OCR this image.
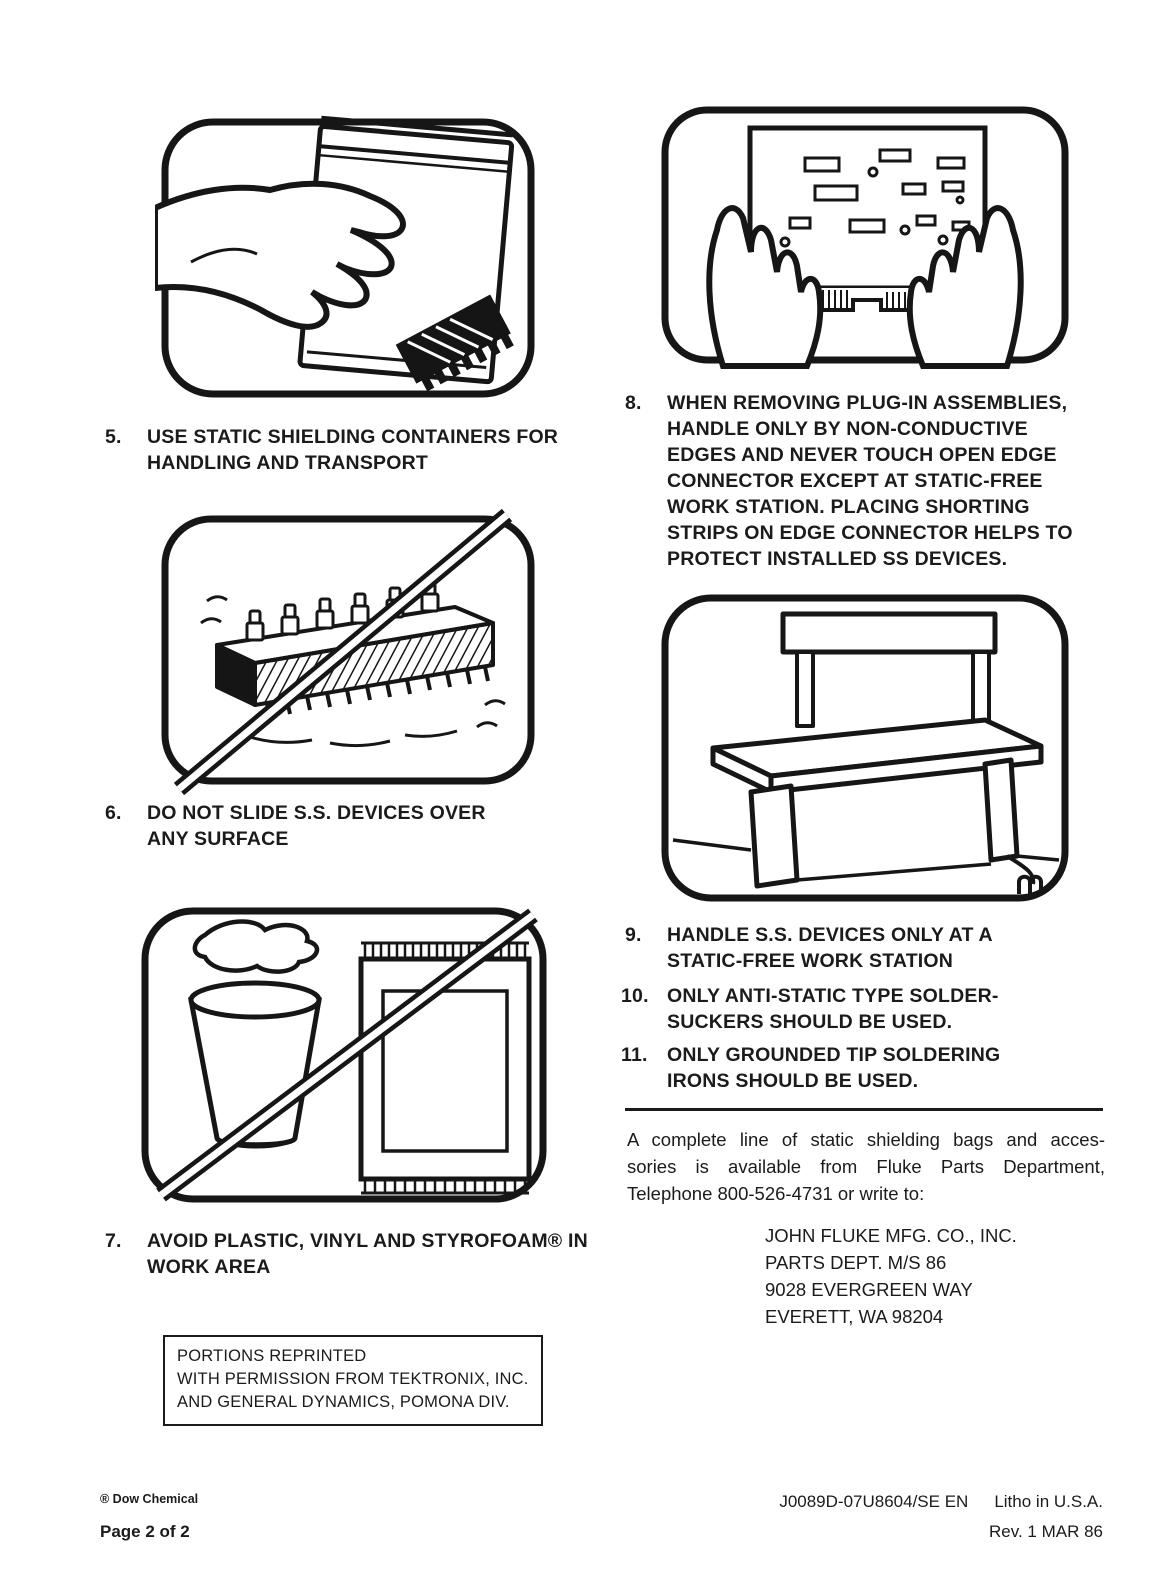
5.	USE STATIC SHIELDING CONTAINERS FOR HANDLING AND TRANSPORT
6.	DO NOT SLIDE S.S. DEVICES OVER ANY SURFACE
7.	AVOID PLASTIC, VINYL AND STYROFOAM® IN WORK AREA
PORTIONS REPRINTED
WITH PERMISSION FROM TEKTRONIX, INC.
AND GENERAL DYNAMICS, POMONA DIV.
® Dow Chemical
Page 2 of 2
8.	WHEN REMOVING PLUG-IN ASSEMBLIES, HANDLE ONLY BY NON-CONDUCTIVE EDGES AND NEVER TOUCH OPEN EDGE CONNECTOR EXCEPT AT STATIC-FREE WORK STATION. PLACING SHORTING STRIPS ON EDGE CONNECTOR HELPS TO PROTECT INSTALLED SS DEVICES.
9.	HANDLE S.S. DEVICES ONLY AT A STATIC-FREE WORK STATION
10. ONLY ANTI-STATIC TYPE SOLDER-SUCKERS SHOULD BE USED.
11. ONLY GROUNDED TIP SOLDERING IRONS SHOULD BE USED.
A complete line of static shielding bags and acces-
sories is available from Fluke Parts Department,
Telephone 800-526-4731 or write to:
JOHN FLUKE MFG. CO., INC.
PARTS DEPT. M/S 86
9028 EVERGREEN WAY
EVERETT, WA 98204
J0089D-07U8604/SE EN Litho in U.S.A.
Rev. 1 MAR 86
